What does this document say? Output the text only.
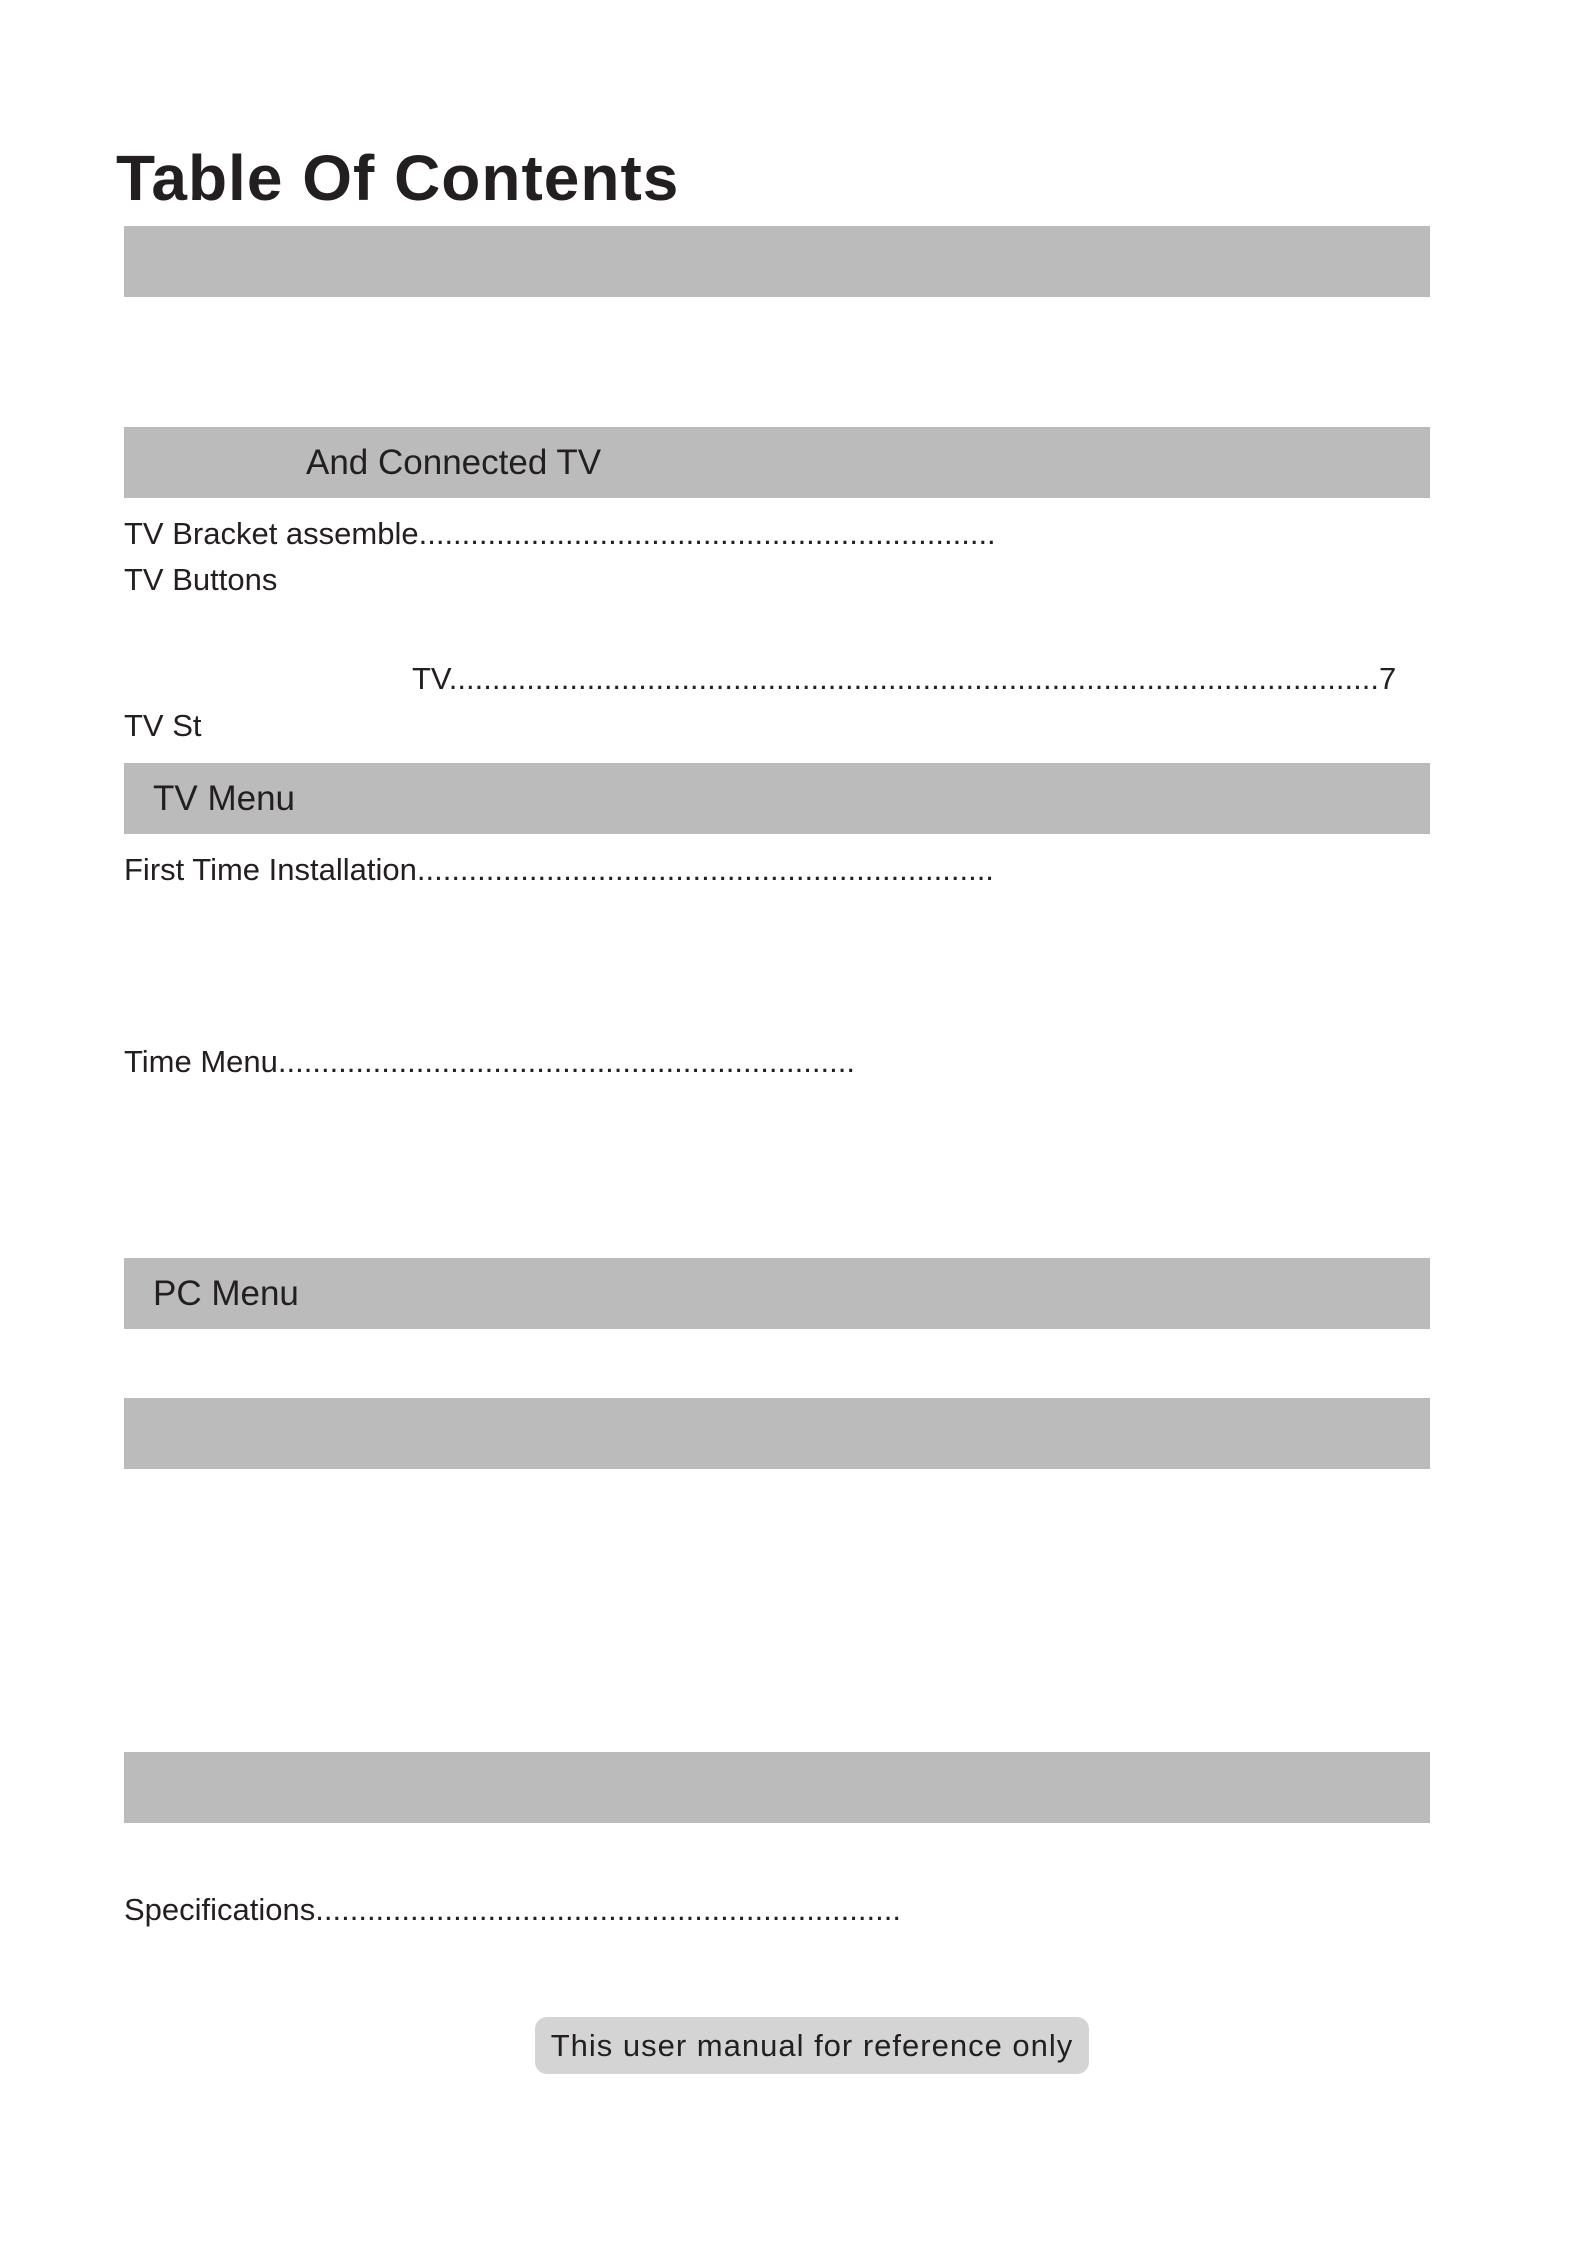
Table Of Contents
And Connected TV
TV Bracket assemble...................................................................
TV Buttons
TV............................................................................................................7
TV St
TV Menu
First Time Installation...................................................................
Time Menu...................................................................
PC Menu
Specifications....................................................................
This user manual for reference only
